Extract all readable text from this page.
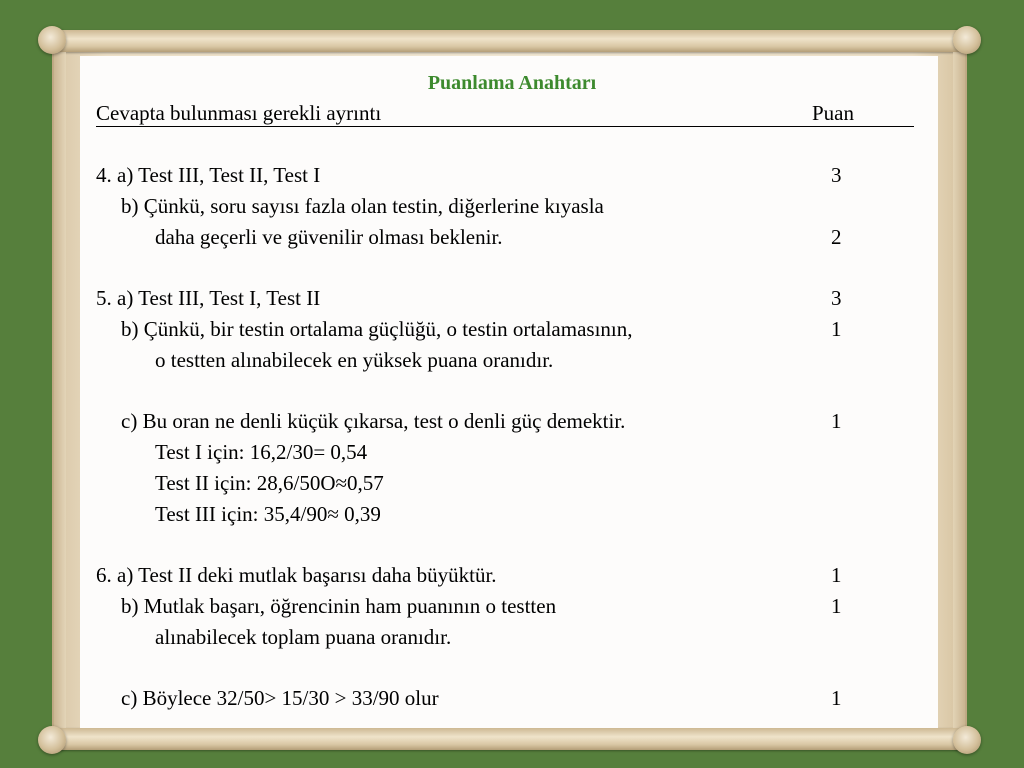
Puanlama Anahtarı
Cevapta bulunması gerekli ayrıntı	Puan
4. a) Test III, Test II, Test I	3
b) Çünkü, soru sayısı fazla olan testin, diğerlerine kıyasla
daha geçerli ve güvenilir olması beklenir.	2
5. a) Test III, Test I, Test II	3
b) Çünkü, bir testin ortalama güçlüğü, o testin ortalamasının,	1
o testten alınabilecek en yüksek puana oranıdır.
c) Bu oran ne denli küçük çıkarsa, test o denli güç demektir.	1
Test I için: 16,2/30= 0,54
Test II için: 28,6/50O≈0,57
Test III için: 35,4/90≈ 0,39
6. a) Test II deki mutlak başarısı daha büyüktür.	1
b) Mutlak başarı, öğrencinin ham puanının o testten	1
alınabilecek toplam puana oranıdır.
c) Böylece 32/50> 15/30 > 33/90 olur	1
